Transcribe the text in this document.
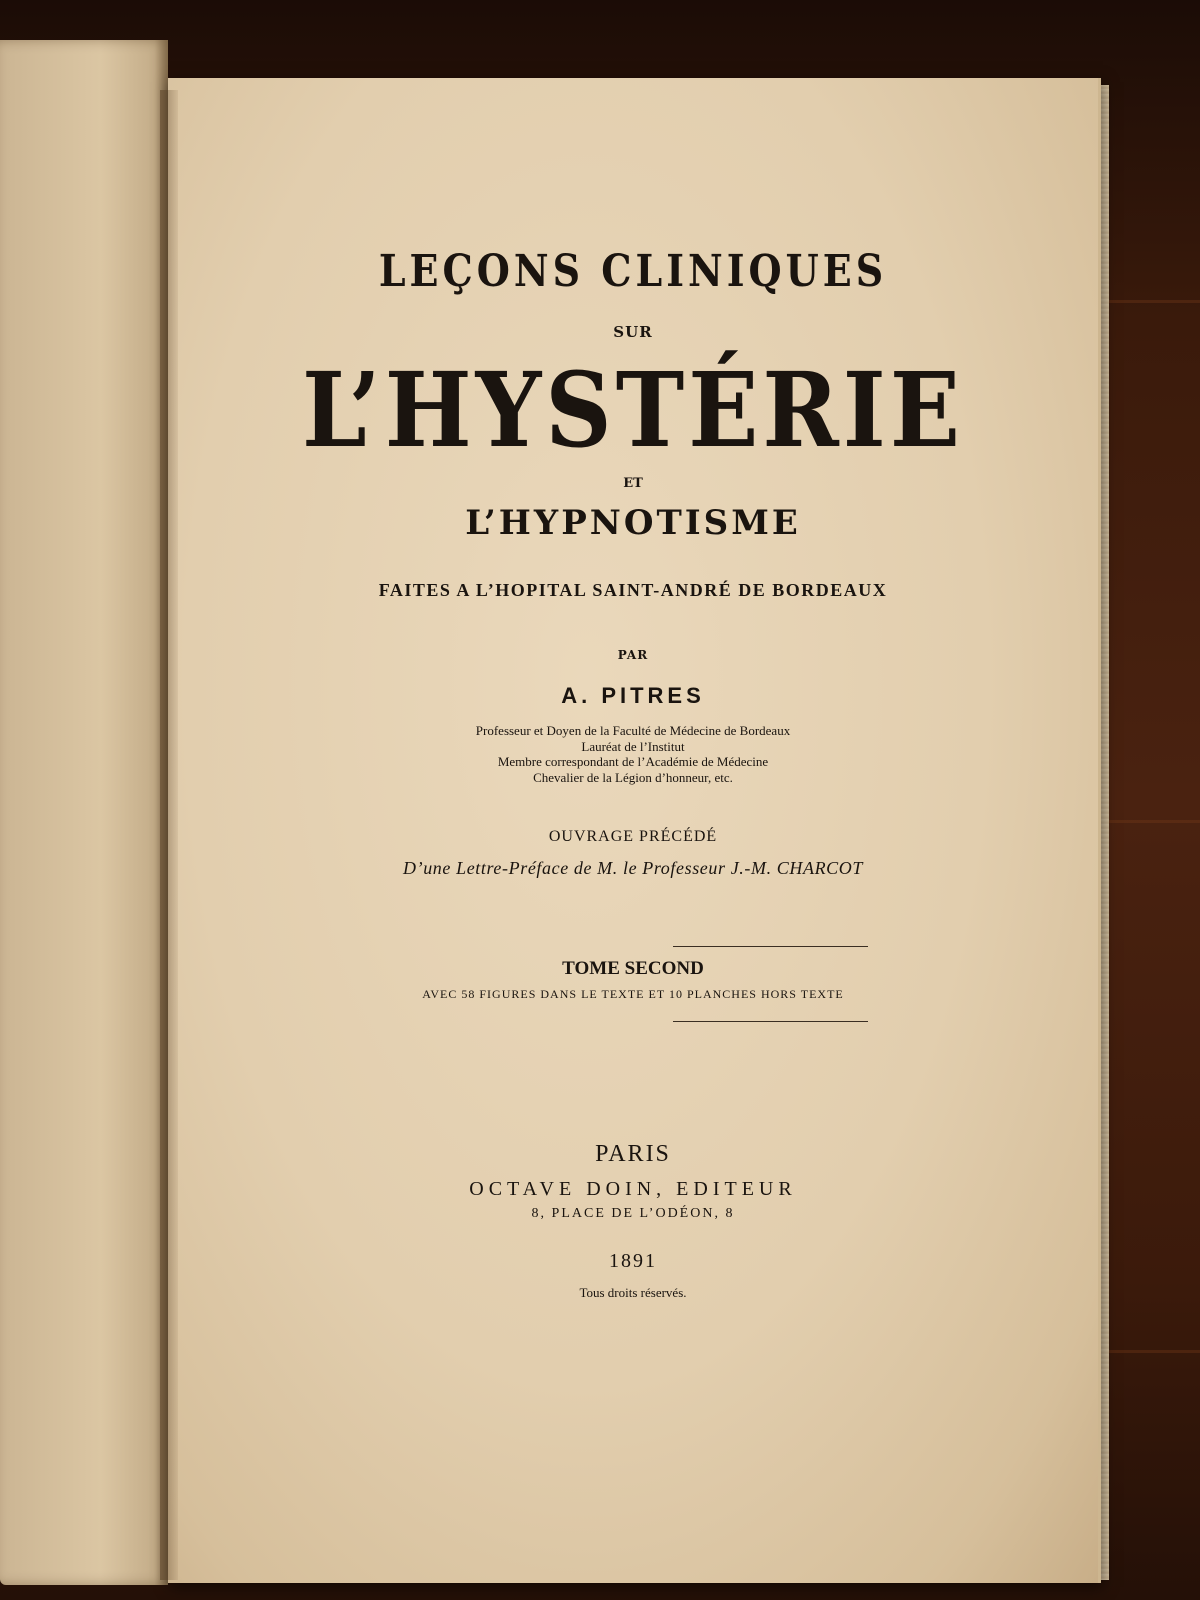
LEÇONS CLINIQUES
SUR
L’HYSTÉRIE
ET
L’HYPNOTISME
FAITES A L’HOPITAL SAINT-ANDRÉ DE BORDEAUX
PAR
A. PITRES
Professeur et Doyen de la Faculté de Médecine de Bordeaux
Lauréat de l’Institut
Membre correspondant de l’Académie de Médecine
Chevalier de la Légion d’honneur, etc.
OUVRAGE PRÉCÉDÉ
D’une Lettre-Préface de M. le Professeur J.-M. CHARCOT
TOME SECOND
AVEC 58 FIGURES DANS LE TEXTE ET 10 PLANCHES HORS TEXTE
PARIS
OCTAVE DOIN, EDITEUR
8, PLACE DE L’ODÉON, 8
1891
Tous droits réservés.
